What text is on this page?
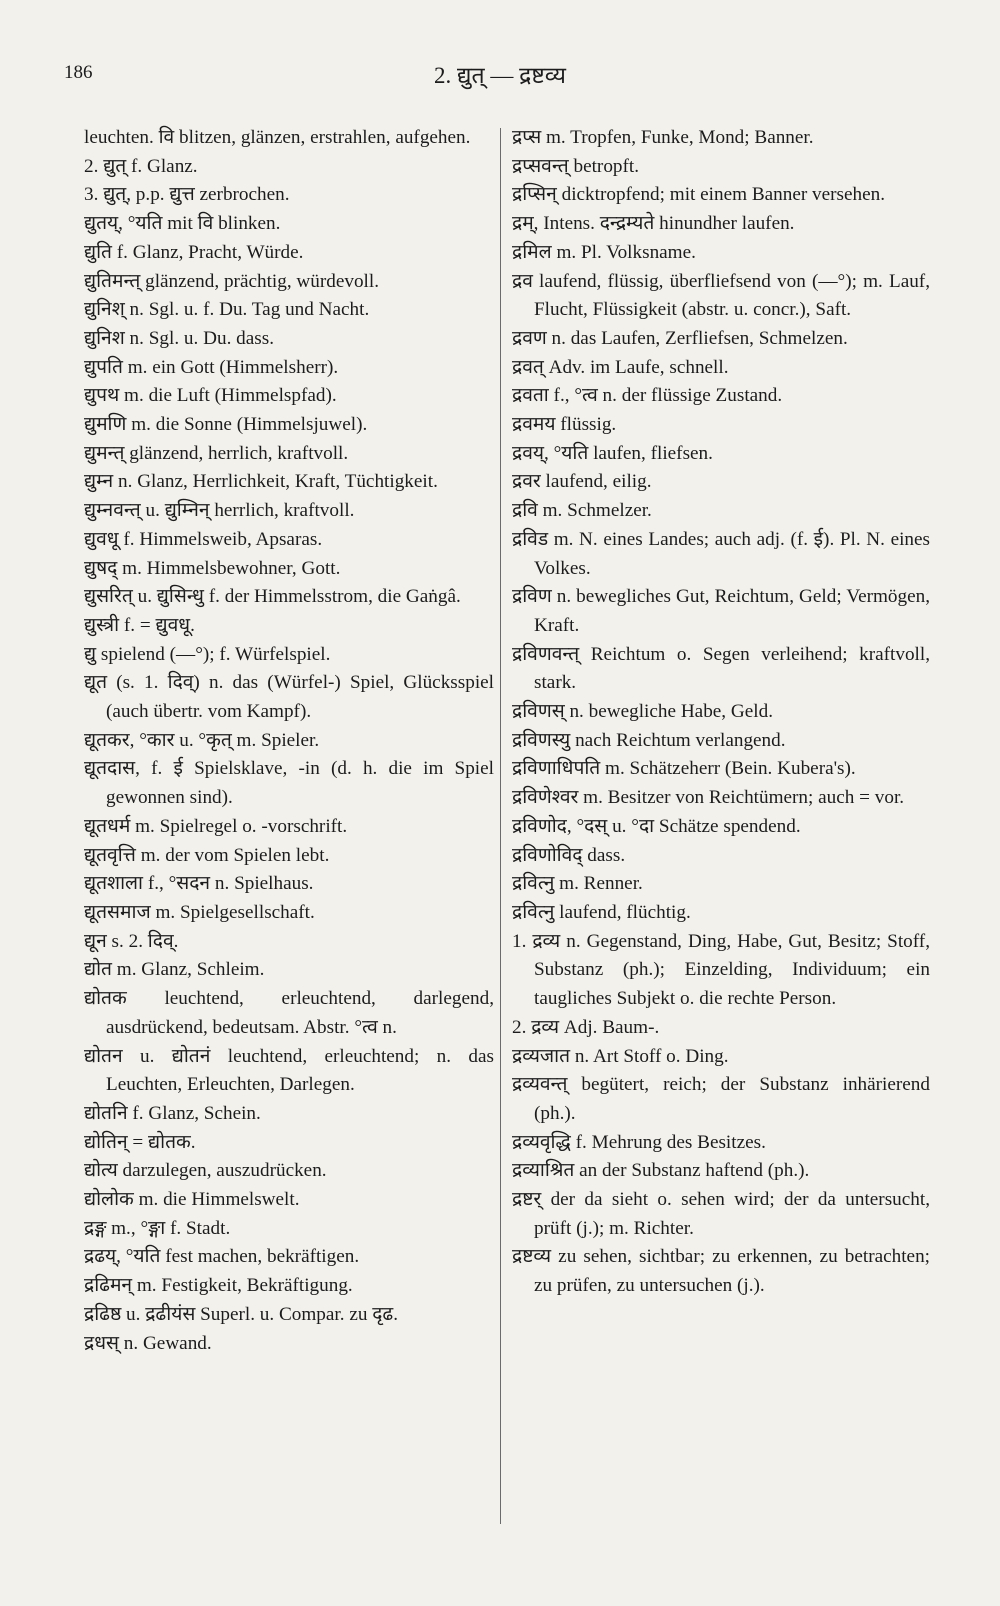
186	2. द्युत् — द्रष्टव्य

leuchten. वि blitzen, glänzen, erstrahlen, aufgehen.

2. द्युत् f. Glanz.

3. द्युत्, p.p. द्युत्त zerbrochen.

द्युतय्, °यति mit वि blinken.

द्युति f. Glanz, Pracht, Würde.

द्युतिमन्त् glänzend, prächtig, würdevoll.

द्युनिश् n. Sgl. u. f. Du. Tag und Nacht.

द्युनिश n. Sgl. u. Du. dass.

द्युपति m. ein Gott (Himmelsherr).

द्युपथ m. die Luft (Himmelspfad).

द्युमणि m. die Sonne (Himmelsjuwel).

द्युमन्त् glänzend, herrlich, kraftvoll.

द्युम्न n. Glanz, Herrlichkeit, Kraft, Tüchtigkeit.

द्युम्नवन्त् u. द्युम्निन् herrlich, kraftvoll.

द्युवधू f. Himmelsweib, Apsaras.

द्युषद् m. Himmelsbewohner, Gott.

द्युसरित् u. द्युसिन्धु f. der Himmelsstrom, die Gaṅgâ.

द्युस्त्री f. = द्युवधू.

द्यु spielend (—°); f. Würfelspiel.

द्यूत (s. 1. दिव्) n. das (Würfel-) Spiel, Glücksspiel (auch übertr. vom Kampf).

द्यूतकर, °कार u. °कृत् m. Spieler.

द्यूतदास, f. ई Spielsklave, -in (d. h. die im Spiel gewonnen sind).

द्यूतधर्म m. Spielregel o. -vorschrift.

द्यूतवृत्ति m. der vom Spielen lebt.

द्यूतशाला f., °सदन n. Spielhaus.

द्यूतसमाज m. Spielgesellschaft.

द्यून s. 2. दिव्.

द्योत m. Glanz, Schleim.

द्योतक leuchtend, erleuchtend, darlegend, ausdrückend, bedeutsam. Abstr. °त्व n.

द्योतन u. द्योतनं leuchtend, erleuchtend; n. das Leuchten, Erleuchten, Darlegen.

द्योतनि f. Glanz, Schein.

द्योतिन् = द्योतक.

द्योत्य darzulegen, auszudrücken.

द्योलोक m. die Himmelswelt.

द्रङ्ग m., °ङ्गा f. Stadt.

द्रढय्, °यति fest machen, bekräftigen.

द्रढिमन् m. Festigkeit, Bekräftigung.

द्रढिष्ठ u. द्रढीयंस Superl. u. Compar. zu दृढ.

द्रधस् n. Gewand.

द्रप्स m. Tropfen, Funke, Mond; Banner.

द्रप्सवन्त् betropft.

द्रप्सिन् dicktropfend; mit einem Banner versehen.

द्रम्, Intens. दन्द्रम्यते hinundher laufen.

द्रमिल m. Pl. Volksname.

द्रव laufend, flüssig, überfliefsend von (—°); m. Lauf, Flucht, Flüssigkeit (abstr. u. concr.), Saft.

द्रवण n. das Laufen, Zerfliefsen, Schmelzen.

द्रवत् Adv. im Laufe, schnell.

द्रवता f., °त्व n. der flüssige Zustand.

द्रवमय flüssig.

द्रवय्, °यति laufen, fliefsen.

द्रवर laufend, eilig.

द्रवि m. Schmelzer.

द्रविड m. N. eines Landes; auch adj. (f. ई). Pl. N. eines Volkes.

द्रविण n. bewegliches Gut, Reichtum, Geld; Vermögen, Kraft.

द्रविणवन्त् Reichtum o. Segen verleihend; kraftvoll, stark.

द्रविणस् n. bewegliche Habe, Geld.

द्रविणस्यु nach Reichtum verlangend.

द्रविणाधिपति m. Schätzeherr (Bein. Kubera's).

द्रविणेश्वर m. Besitzer von Reichtümern; auch = vor.

द्रविणोद, °दस् u. °दा Schätze spendend.

द्रविणोविद् dass.

द्रवित्नु m. Renner.

द्रवित्नु laufend, flüchtig.

1. द्रव्य n. Gegenstand, Ding, Habe, Gut, Besitz; Stoff, Substanz (ph.); Einzelding, Individuum; ein taugliches Subjekt o. die rechte Person.

2. द्रव्य Adj. Baum-.

द्रव्यजात n. Art Stoff o. Ding.

द्रव्यवन्त् begütert, reich; der Substanz inhärierend (ph.).

द्रव्यवृद्धि f. Mehrung des Besitzes.

द्रव्याश्रित an der Substanz haftend (ph.).

द्रष्टर् der da sieht o. sehen wird; der da untersucht, prüft (j.); m. Richter.

द्रष्टव्य zu sehen, sichtbar; zu erkennen, zu betrachten; zu prüfen, zu untersuchen (j.).
